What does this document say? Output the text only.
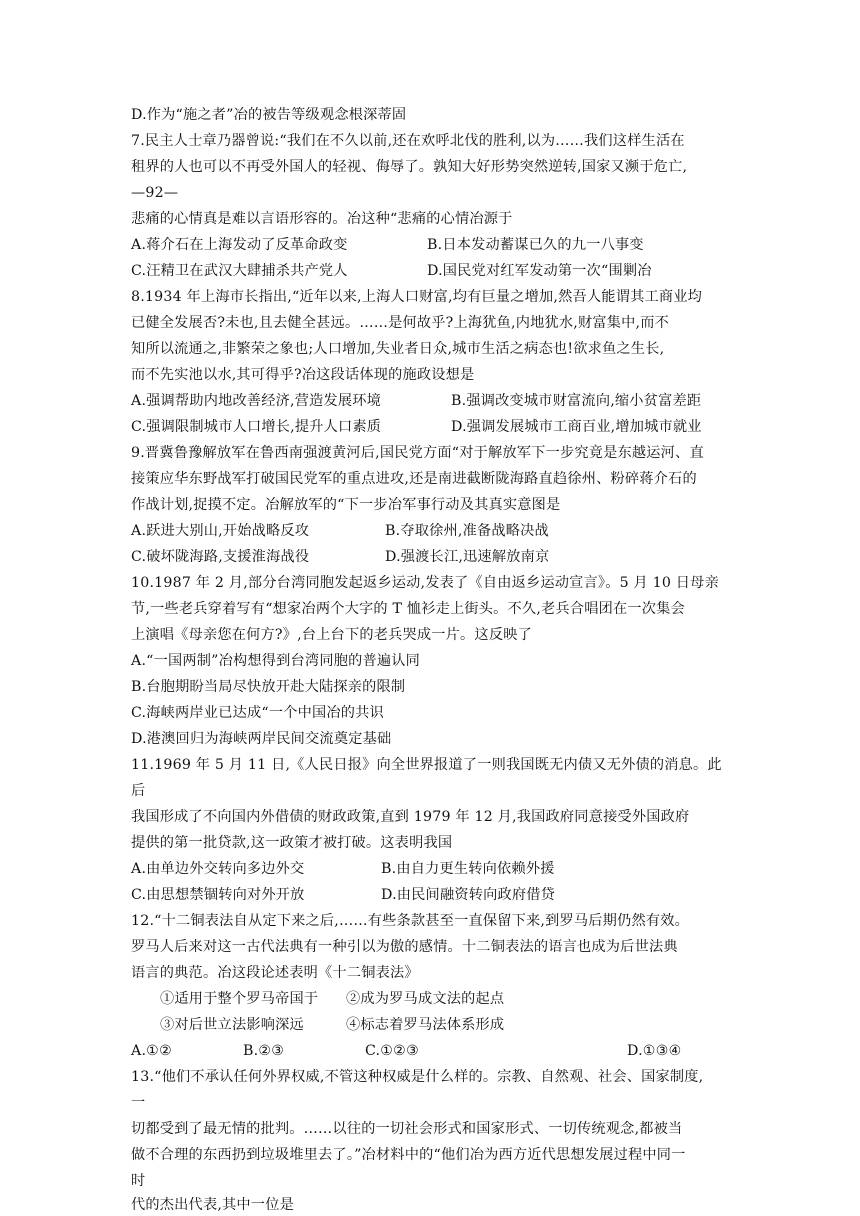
D.作为“施之者”冶的被告等级观念根深蒂固
7.民主人士章乃器曾说:“我们在不久以前,还在欢呼北伐的胜利,以为……我们这样生活在
租界的人也可以不再受外国人的轻视、侮辱了。孰知大好形势突然逆转,国家又濒于危亡,
—92—
悲痛的心情真是难以言语形容的。冶这种“悲痛的心情冶源于
A.蒋介石在上海发动了反革命政变	B.日本发动蓄谋已久的九一八事变
C.汪精卫在武汉大肆捕杀共产党人	D.国民党对红军发动第一次“围剿冶
8.1934 年上海市长指出,“近年以来,上海人口财富,均有巨量之增加,然吾人能谓其工商业均
已健全发展否?未也,且去健全甚远。……是何故乎?上海犹鱼,内地犹水,财富集中,而不
知所以流通之,非繁荣之象也;人口增加,失业者日众,城市生活之病态也!欲求鱼之生长,
而不先实池以水,其可得乎?冶这段话体现的施政设想是
A.强调帮助内地改善经济,营造发展环境	B.强调改变城市财富流向,缩小贫富差距
C.强调限制城市人口增长,提升人口素质	D.强调发展城市工商百业,增加城市就业
9.晋冀鲁豫解放军在鲁西南强渡黄河后,国民党方面“对于解放军下一步究竟是东越运河、直
接策应华东野战军打破国民党军的重点进攻,还是南进截断陇海路直趋徐州、粉碎蒋介石的
作战计划,捉摸不定。冶解放军的“下一步冶军事行动及其真实意图是
A.跃进大别山,开始战略反攻	B.夺取徐州,准备战略决战
C.破坏陇海路,支援淮海战役	D.强渡长江,迅速解放南京
10.1987 年 2 月,部分台湾同胞发起返乡运动,发表了《自由返乡运动宣言》。5 月 10 日母亲
节,一些老兵穿着写有“想家冶两个大字的 T 恤衫走上街头。不久,老兵合唱团在一次集会
上演唱《母亲您在何方?》,台上台下的老兵哭成一片。这反映了
A.“一国两制”冶构想得到台湾同胞的普遍认同
B.台胞期盼当局尽快放开赴大陆探亲的限制
C.海峡两岸业已达成“一个中国冶的共识
D.港澳回归为海峡两岸民间交流奠定基础
11.1969 年 5 月 11 日,《人民日报》向全世界报道了一则我国既无内债又无外债的消息。此
后
我国形成了不向国内外借债的财政政策,直到 1979 年 12 月,我国政府同意接受外国政府
提供的第一批贷款,这一政策才被打破。这表明我国
A.由单边外交转向多边外交	B.由自力更生转向依赖外援
C.由思想禁锢转向对外开放	D.由民间融资转向政府借贷
12.“十二铜表法自从定下来之后,……有些条款甚至一直保留下来,到罗马后期仍然有效。
罗马人后来对这一古代法典有一种引以为傲的感情。十二铜表法的语言也成为后世法典
语言的典范。冶这段论述表明《十二铜表法》
①适用于整个罗马帝国于 ②成为罗马成文法的起点
③对后世立法影响深远	④标志着罗马法体系形成
A.①②	B.②③	C.①②③	D.①③④
13.“他们不承认任何外界权威,不管这种权威是什么样的。宗教、自然观、社会、国家制度,
一
切都受到了最无情的批判。……以往的一切社会形式和国家形式、一切传统观念,都被当
做不合理的东西扔到垃圾堆里去了。”冶材料中的“他们冶为西方近代思想发展过程中同一
时
代的杰出代表,其中一位是
